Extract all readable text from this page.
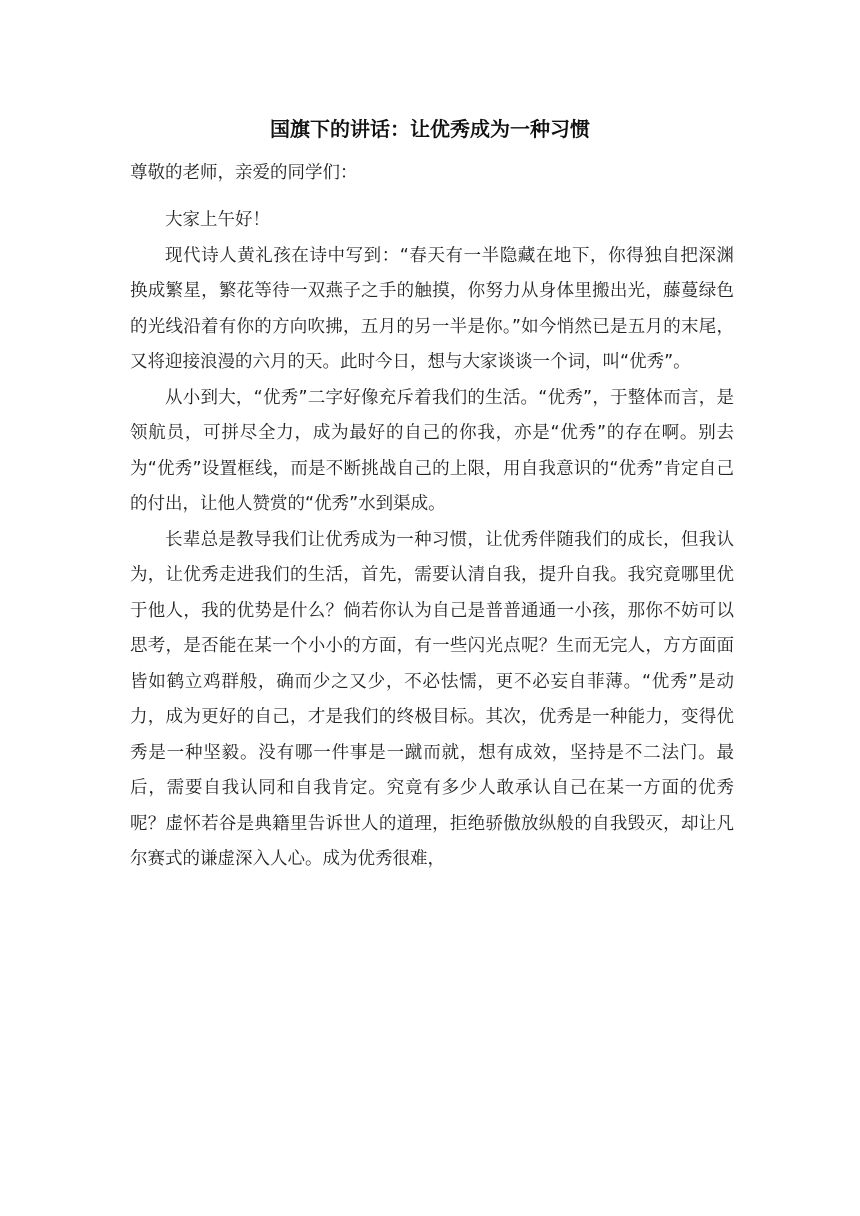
国旗下的讲话：让优秀成为一种习惯
尊敬的老师，亲爱的同学们：

大家上午好！

现代诗人黄礼孩在诗中写到：“春天有一半隐藏在地下，你得独自把深渊换成繁星，繁花等待一双燕子之手的触摸，你努力从身体里搬出光，藤蔓绿色的光线沿着有你的方向吹拂，五月的另一半是你。”如今悄然已是五月的末尾，又将迎接浪漫的六月的天。此时今日，想与大家谈谈一个词，叫“优秀”。

从小到大，“优秀”二字好像充斥着我们的生活。“优秀”，于整体而言，是领航员，可拼尽全力，成为最好的自己的你我，亦是“优秀”的存在啊。别去为“优秀”设置框线，而是不断挑战自己的上限，用自我意识的“优秀”肯定自己的付出，让他人赞赏的“优秀”水到渠成。

长辈总是教导我们让优秀成为一种习惯，让优秀伴随我们的成长，但我认为，让优秀走进我们的生活，首先，需要认清自我，提升自我。我究竟哪里优于他人，我的优势是什么？倘若你认为自己是普普通通一小孩，那你不妨可以思考，是否能在某一个小小的方面，有一些闪光点呢？生而无完人，方方面面皆如鹤立鸡群般，确而少之又少，不必怯懦，更不必妄自菲薄。“优秀”是动力，成为更好的自己，才是我们的终极目标。其次，优秀是一种能力，变得优秀是一种坚毅。没有哪一件事是一蹴而就，想有成效，坚持是不二法门。最后，需要自我认同和自我肯定。究竟有多少人敢承认自己在某一方面的优秀呢？虚怀若谷是典籍里告诉世人的道理，拒绝骄傲放纵般的自我毁灭，却让凡尔赛式的谦虚深入人心。成为优秀很难，
